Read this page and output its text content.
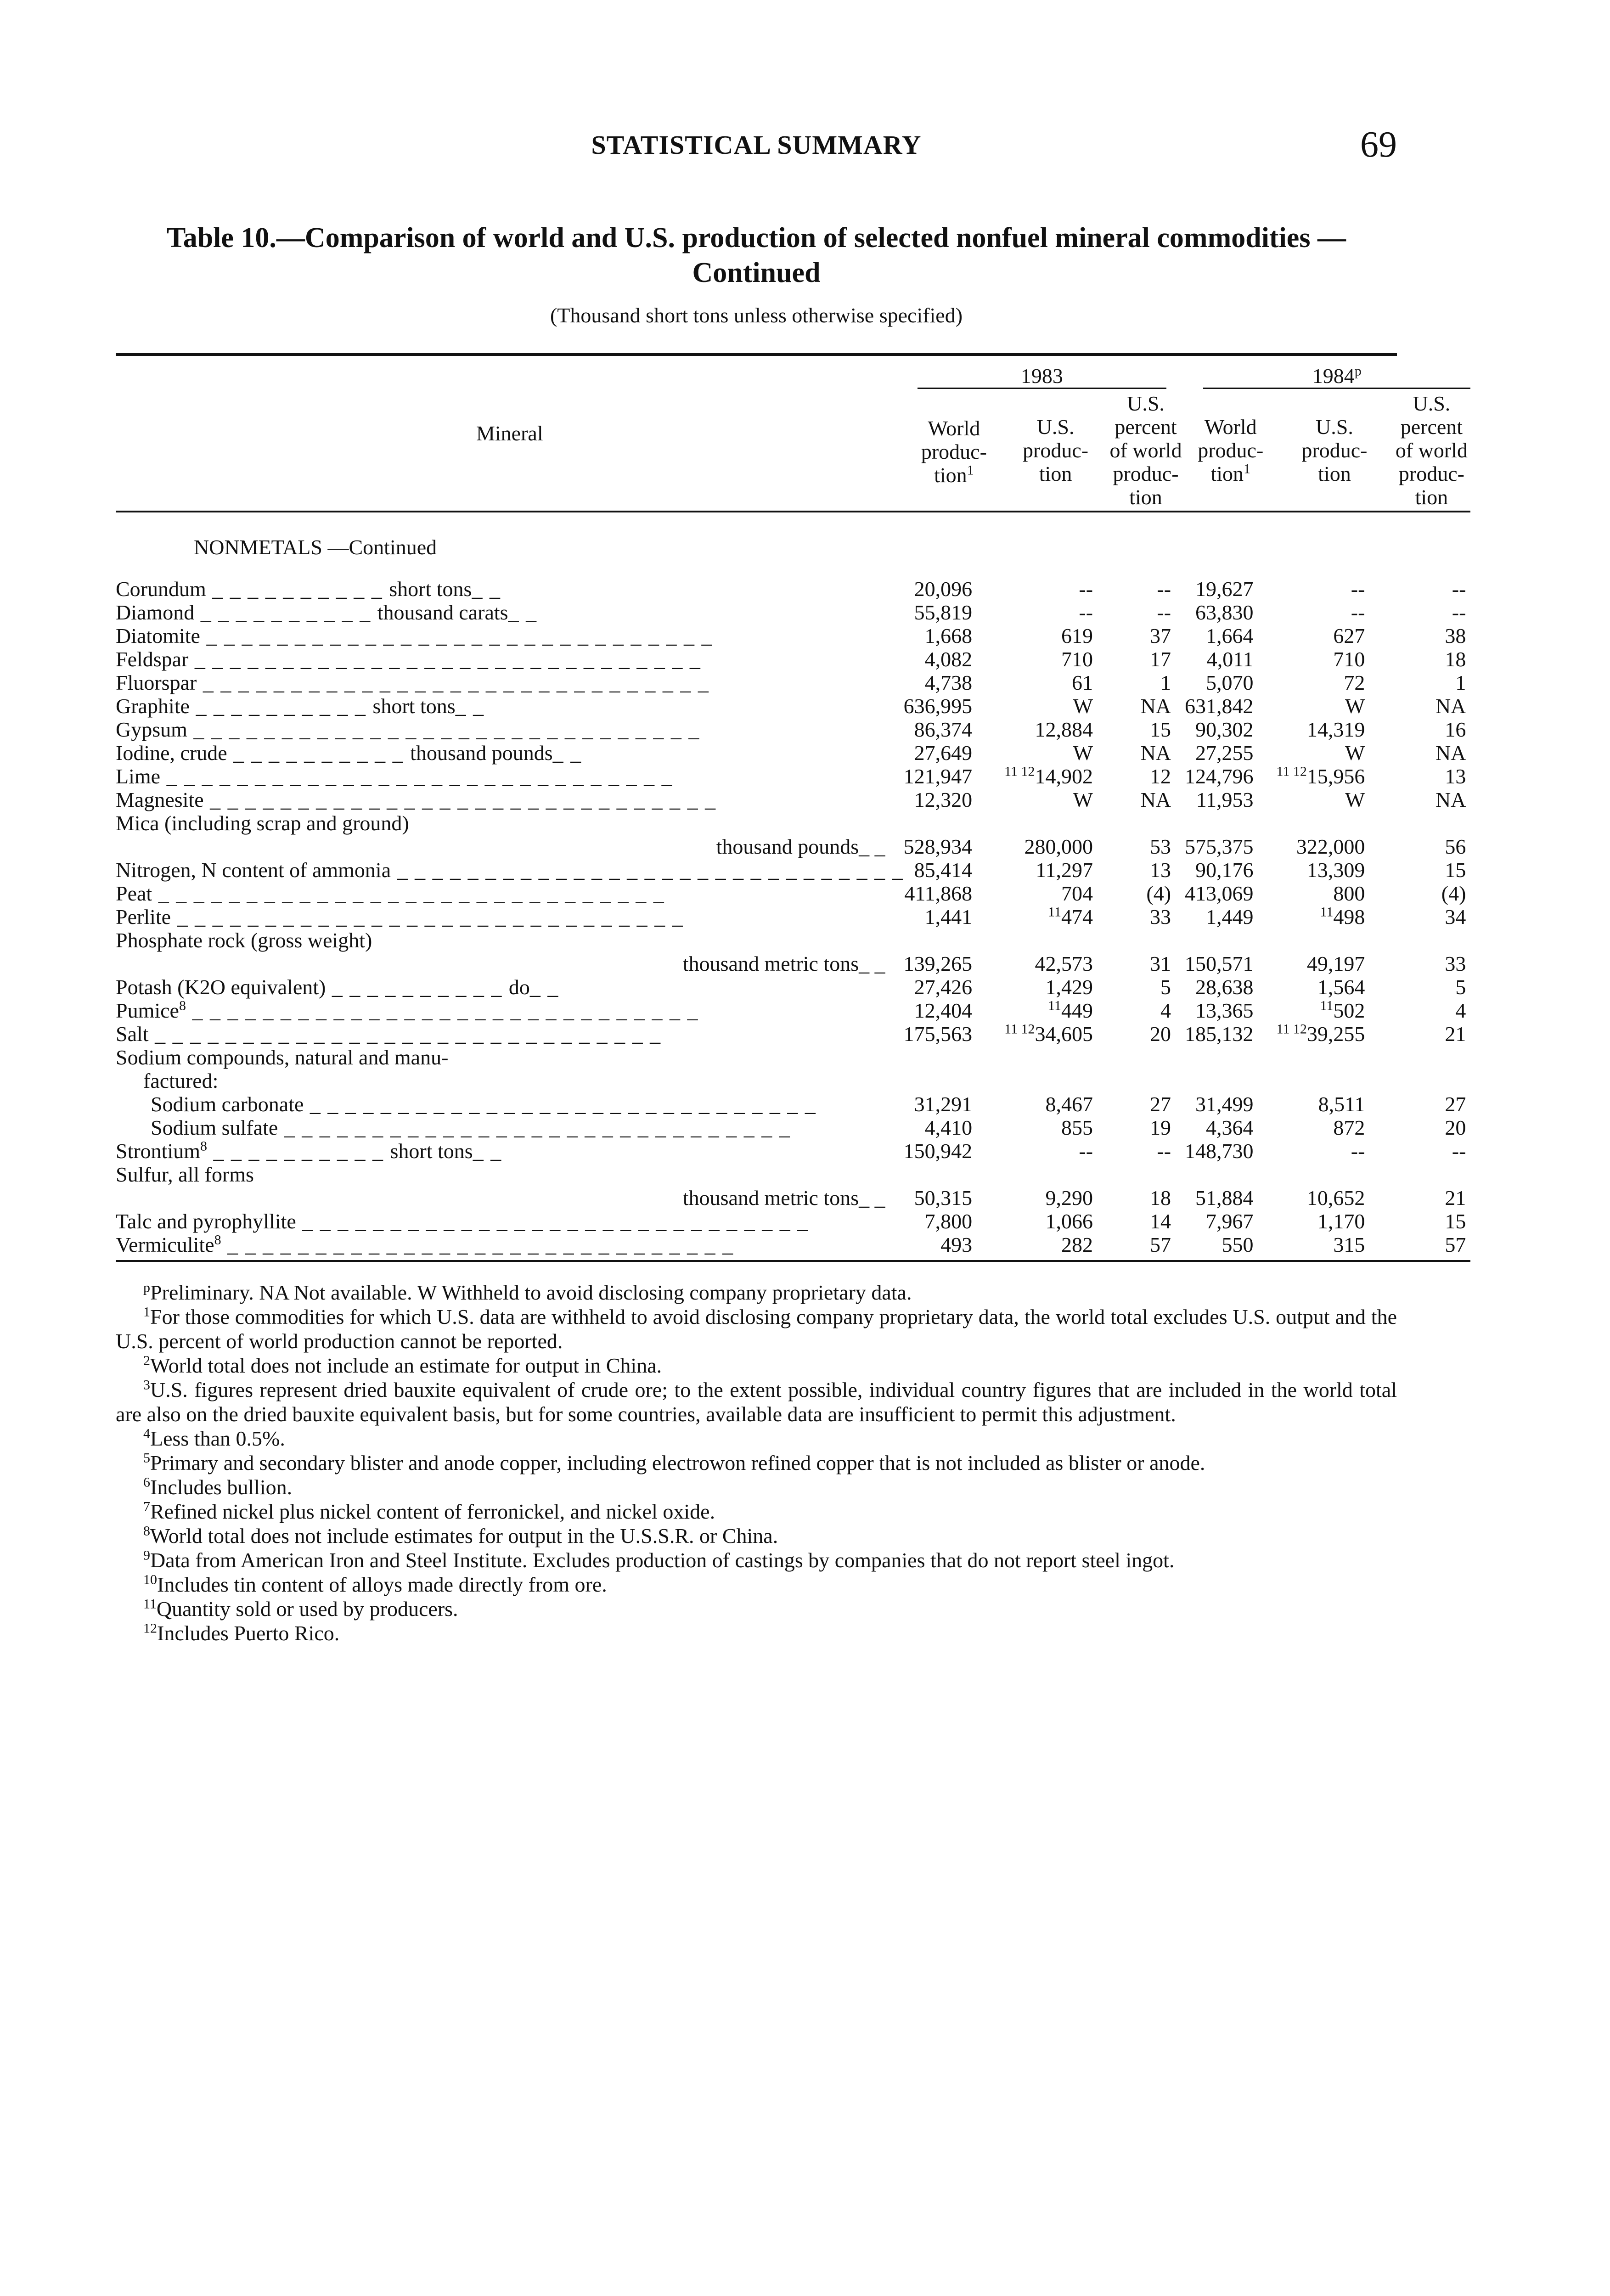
STATISTICAL SUMMARY	69
Table 10.—Comparison of world and U.S. production of selected nonfuel mineral commodities —Continued
(Thousand short tons unless otherwise specified)
Mineral	1983			1984$^p$

	World produc- tion$^1$	U.S. produc- tion	U.S. percent of world produc- tion	World produc- tion$^1$	U.S. produc- tion	U.S. percent of world produc- tion

NONMETALS —Continued						
Corundum _ _ _ _ _ _ _ _ _ _ short tons_ _	20,096	--	--	19,627	--	--
Diamond _ _ _ _ _ _ _ _ _ _ thousand carats_ _	55,819	--	--	63,830	--	--
Diatomite _ _ _ _ _ _ _ _ _ _ _ _ _ _ _ _ _ _ _ _ _ _ _ _ _ _ _ _ _	1,668	619	37	1,664	627	38
Feldspar _ _ _ _ _ _ _ _ _ _ _ _ _ _ _ _ _ _ _ _ _ _ _ _ _ _ _ _ _	4,082	710	17	4,011	710	18
Fluorspar _ _ _ _ _ _ _ _ _ _ _ _ _ _ _ _ _ _ _ _ _ _ _ _ _ _ _ _ _	4,738	61	1	5,070	72	1
Graphite _ _ _ _ _ _ _ _ _ _ short tons_ _	636,995	W	NA	631,842	W	NA
Gypsum _ _ _ _ _ _ _ _ _ _ _ _ _ _ _ _ _ _ _ _ _ _ _ _ _ _ _ _ _	86,374	12,884	15	90,302	14,319	16
Iodine, crude _ _ _ _ _ _ _ _ _ _ thousand pounds_ _	27,649	W	NA	27,255	W	NA
Lime _ _ _ _ _ _ _ _ _ _ _ _ _ _ _ _ _ _ _ _ _ _ _ _ _ _ _ _ _	121,947	$^{11 12}$14,902	12	124,796	$^{11 12}$15,956	13
Magnesite _ _ _ _ _ _ _ _ _ _ _ _ _ _ _ _ _ _ _ _ _ _ _ _ _ _ _ _ _	12,320	W	NA	11,953	W	NA
Mica (including scrap and ground)						
thousand pounds_ _	528,934	280,000	53	575,375	322,000	56
Nitrogen, N content of ammonia _ _ _ _ _ _ _ _ _ _ _ _ _ _ _ _ _ _ _ _ _ _ _ _ _ _ _ _ _	85,414	11,297	13	90,176	13,309	15
Peat _ _ _ _ _ _ _ _ _ _ _ _ _ _ _ _ _ _ _ _ _ _ _ _ _ _ _ _ _	411,868	704	(4)	413,069	800	(4)
Perlite _ _ _ _ _ _ _ _ _ _ _ _ _ _ _ _ _ _ _ _ _ _ _ _ _ _ _ _ _	1,441	$^{11}$474	33	1,449	$^{11}$498	34
Phosphate rock (gross weight)						
thousand metric tons_ _	139,265	42,573	31	150,571	49,197	33
Potash (K2O equivalent) _ _ _ _ _ _ _ _ _ _ do_ _	27,426	1,429	5	28,638	1,564	5
Pumice$^8$ _ _ _ _ _ _ _ _ _ _ _ _ _ _ _ _ _ _ _ _ _ _ _ _ _ _ _ _ _	12,404	$^{11}$449	4	13,365	$^{11}$502	4
Salt _ _ _ _ _ _ _ _ _ _ _ _ _ _ _ _ _ _ _ _ _ _ _ _ _ _ _ _ _	175,563	$^{11 12}$34,605	20	185,132	$^{11 12}$39,255	21
Sodium compounds, natural and manu-						
factured:						
Sodium carbonate _ _ _ _ _ _ _ _ _ _ _ _ _ _ _ _ _ _ _ _ _ _ _ _ _ _ _ _ _	31,291	8,467	27	31,499	8,511	27
Sodium sulfate _ _ _ _ _ _ _ _ _ _ _ _ _ _ _ _ _ _ _ _ _ _ _ _ _ _ _ _ _	4,410	855	19	4,364	872	20
Strontium$^8$ _ _ _ _ _ _ _ _ _ _ short tons_ _	150,942	--	--	148,730	--	--
Sulfur, all forms						
thousand metric tons_ _	50,315	9,290	18	51,884	10,652	21
Talc and pyrophyllite _ _ _ _ _ _ _ _ _ _ _ _ _ _ _ _ _ _ _ _ _ _ _ _ _ _ _ _ _	7,800	1,066	14	7,967	1,170	15
Vermiculite$^8$ _ _ _ _ _ _ _ _ _ _ _ _ _ _ _ _ _ _ _ _ _ _ _ _ _ _ _ _ _	493	282	57	550	315	57

$^p$Preliminary. NA Not available. W Withheld to avoid disclosing company proprietary data.

$^1$For those commodities for which U.S. data are withheld to avoid disclosing company proprietary data, the world total excludes U.S. output and the U.S. percent of world production cannot be reported.

$^2$World total does not include an estimate for output in China.

$^3$U.S. figures represent dried bauxite equivalent of crude ore; to the extent possible, individual country figures that are included in the world total are also on the dried bauxite equivalent basis, but for some countries, available data are insufficient to permit this adjustment.

$^4$Less than 0.5%.

$^5$Primary and secondary blister and anode copper, including electrowon refined copper that is not included as blister or anode.

$^6$Includes bullion.

$^7$Refined nickel plus nickel content of ferronickel, and nickel oxide.

$^8$World total does not include estimates for output in the U.S.S.R. or China.

$^9$Data from American Iron and Steel Institute. Excludes production of castings by companies that do not report steel ingot.

$^{10}$Includes tin content of alloys made directly from ore.

$^{11}$Quantity sold or used by producers.

$^{12}$Includes Puerto Rico.
